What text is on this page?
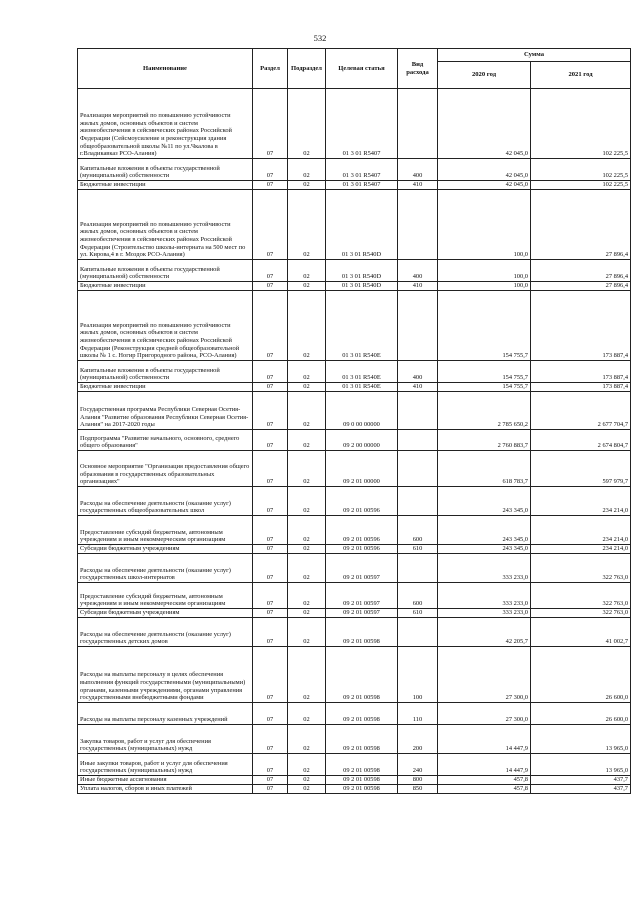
532
Наименование	Раздел	Подраздел	Целевая статья	Вид расхода	Сумма	
					2020 год	2021 год
Реализация мероприятий по повышению устойчивости жилых домов, основных объектов и систем жизнеобеспечения в сейсмических районах Российской Федерации (Сейсмоусиление и реконструкция здания общеобразовательной школы №11 по ул.Чкалова в г.Владикавказ РСО-Алания)	07	02	01 3 01 R5407		42 045,0	102 225,5
Капитальные вложения в объекты государственной (муниципальной) собственности	07	02	01 3 01 R5407	400	42 045,0	102 225,5
Бюджетные инвестиции	07	02	01 3 01 R5407	410	42 045,0	102 225,5
Реализация мероприятий по повышению устойчивости жилых домов, основных объектов и систем жизнеобеспечения в сейсмических районах Российской Федерации (Строительство школы-интерната на 500 мест по ул. Кирова,4 в г. Моздок РСО-Алания)	07	02	01 3 01 R540D		100,0	27 896,4
Капитальные вложения в объекты государственной (муниципальной) собственности	07	02	01 3 01 R540D	400	100,0	27 896,4
Бюджетные инвестиции	07	02	01 3 01 R540D	410	100,0	27 896,4
Реализация мероприятий по повышению устойчивости жилых домов, основных объектов и систем жизнеобеспечения в сейсмических районах Российской Федерации (Реконструкция средней общеобразовательной школы № 1 с. Ногир Пригородного района, РСО-Алания)	07	02	01 3 01 R540E		154 755,7	173 887,4
Капитальные вложения в объекты государственной (муниципальной) собственности	07	02	01 3 01 R540E	400	154 755,7	173 887,4
Бюджетные инвестиции	07	02	01 3 01 R540E	410	154 755,7	173 887,4
Государственная программа Республики Северная Осетия-Алания "Развитие образования Республики Северная Осетия-Алания" на 2017-2020 годы	07	02	09 0 00 00000		2 785 650,2	2 677 704,7
Подпрограмма "Развитие начального, основного, среднего общего образования"	07	02	09 2 00 00000		2 760 883,7	2 674 804,7
Основное мероприятие "Организация предоставления общего образования в государственных образовательных организациях"	07	02	09 2 01 00000		618 783,7	597 979,7
Расходы на обеспечение деятельности (оказание услуг) государственных общеобразовательных школ	07	02	09 2 01 00596		243 345,0	234 214,0
Предоставление субсидий бюджетным, автономным учреждениям и иным некоммерческим организациям	07	02	09 2 01 00596	600	243 345,0	234 214,0
Субсидии бюджетным учреждениям	07	02	09 2 01 00596	610	243 345,0	234 214,0
Расходы на обеспечение деятельности (оказание услуг) государственных школ-интернатов	07	02	09 2 01 00597		333 233,0	322 763,0
Предоставление субсидий бюджетным, автономным учреждениям и иным некоммерческим организациям	07	02	09 2 01 00597	600	333 233,0	322 763,0
Субсидии бюджетным учреждениям	07	02	09 2 01 00597	610	333 233,0	322 763,0
Расходы на обеспечение деятельности (оказание услуг) государственных детских домов	07	02	09 2 01 00598		42 205,7	41 002,7
Расходы на выплаты персоналу в целях обеспечения выполнения функций государственными (муниципальными) органами, казенными учреждениями, органами управления государственными внебюджетными фондами	07	02	09 2 01 00598	100	27 300,0	26 600,0
Расходы на выплаты персоналу казенных учреждений	07	02	09 2 01 00598	110	27 300,0	26 600,0
Закупка товаров, работ и услуг для обеспечения государственных (муниципальных) нужд	07	02	09 2 01 00598	200	14 447,9	13 965,0
Иные закупки товаров, работ и услуг для обеспечения государственных (муниципальных) нужд	07	02	09 2 01 00598	240	14 447,9	13 965,0
Иные бюджетные ассигнования	07	02	09 2 01 00598	800	457,8	437,7
Уплата налогов, сборов и иных платежей	07	02	09 2 01 00598	850	457,8	437,7
